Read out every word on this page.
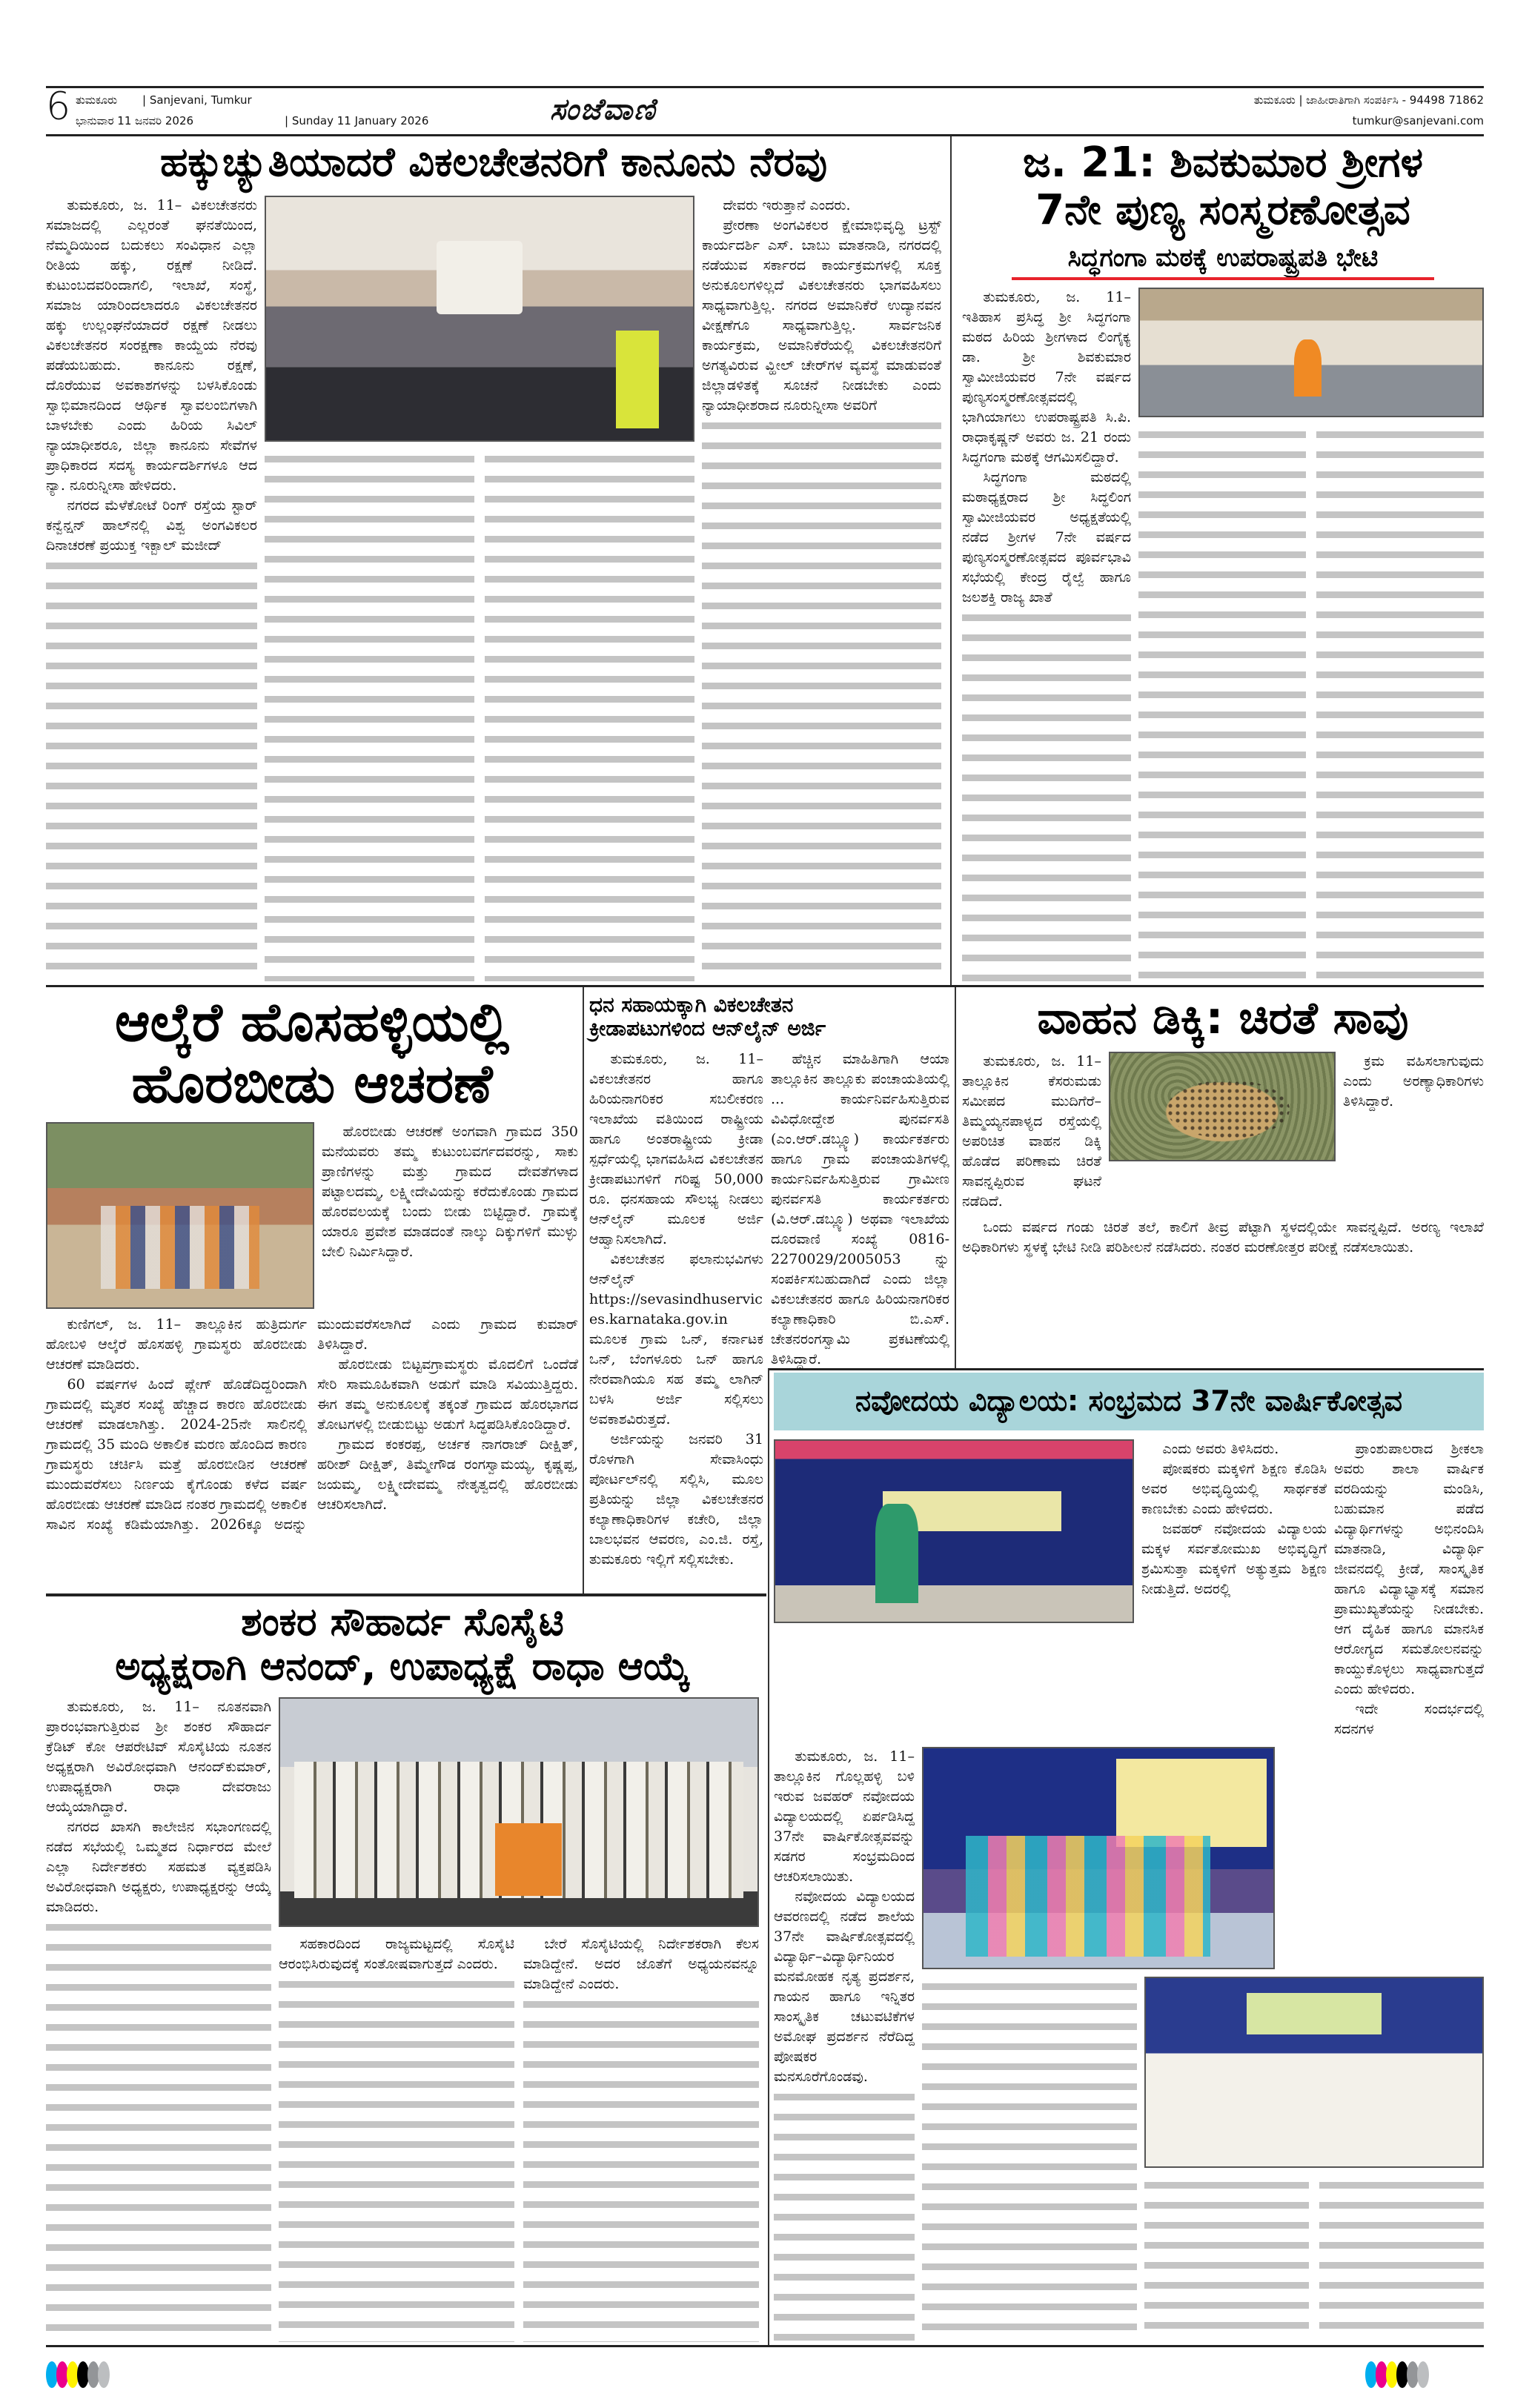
6 ತುಮಕೂರು | Sanjevani, Tumkur
ಭಾನುವಾರ 11 ಜನವರಿ 2026	| Sunday 11 January 2026	ಸಂಜೆವಾಣಿ	ತುಮಕೂರು | ಜಾಹೀರಾತಿಗಾಗಿ ಸಂಪರ್ಕಿಸಿ - 94498 71862
tumkur@sanjevani.com
ಹಕ್ಕುಚ್ಯುತಿಯಾದರೆ ವಿಕಲಚೇತನರಿಗೆ ಕಾನೂನು ನೆರವು

ತುಮಕೂರು, ಜ. 11– ವಿಕಲಚೇತನರು ಸಮಾಜದಲ್ಲಿ ಎಲ್ಲರಂತೆ ಘನತೆಯಿಂದ, ನೆಮ್ಮದಿಯಿಂದ ಬದುಕಲು ಸಂವಿಧಾನ ಎಲ್ಲಾ ರೀತಿಯ ಹಕ್ಕು, ರಕ್ಷಣೆ ನೀಡಿದೆ. ಕುಟುಂಬದವರಿಂದಾಗಲಿ, ಇಲಾಖೆ, ಸಂಸ್ಥೆ, ಸಮಾಜ ಯಾರಿಂದಲಾದರೂ ವಿಕಲಚೇತನರ ಹಕ್ಕು ಉಲ್ಲಂಘನೆಯಾದರೆ ರಕ್ಷಣೆ ನೀಡಲು ವಿಕಲಚೇತನರ ಸಂರಕ್ಷಣಾ ಕಾಯ್ದೆಯ ನೆರವು ಪಡೆಯಬಹುದು. ಕಾನೂನು ರಕ್ಷಣೆ, ದೊರೆಯುವ ಅವಕಾಶಗಳನ್ನು ಬಳಸಿಕೊಂಡು ಸ್ವಾಭಿಮಾನದಿಂದ ಆರ್ಥಿಕ ಸ್ವಾವಲಂಬಿಗಳಾಗಿ ಬಾಳಬೇಕು ಎಂದು ಹಿರಿಯ ಸಿವಿಲ್ ನ್ಯಾಯಾಧೀಶರೂ, ಜಿಲ್ಲಾ ಕಾನೂನು ಸೇವೆಗಳ ಪ್ರಾಧಿಕಾರದ ಸದಸ್ಯ ಕಾರ್ಯದರ್ಶಿಗಳೂ ಆದ ನ್ಯಾ. ನೂರುನ್ನೀಸಾ ಹೇಳಿದರು.

ನಗರದ ಮೆಳೆಕೋಟೆ ರಿಂಗ್ ರಸ್ತೆಯ ಸ್ಟಾರ್ ಕನ್ವೆನ್ಷನ್ ಹಾಲ್‌ನಲ್ಲಿ ವಿಶ್ವ ಅಂಗವಿಕಲರ ದಿನಾಚರಣೆ ಪ್ರಯುಕ್ತ ಇಕ್ಬಾಲ್ ಮಜೀದ್

ದೇವರು ಇರುತ್ತಾನೆ ಎಂದರು.

ಪ್ರೇರಣಾ ಅಂಗವಿಕಲರ ಕ್ಷೇಮಾಭಿವೃದ್ಧಿ ಟ್ರಸ್ಟ್ ಕಾರ್ಯದರ್ಶಿ ಎಸ್. ಬಾಬು ಮಾತನಾಡಿ, ನಗರದಲ್ಲಿ ನಡೆಯುವ ಸರ್ಕಾರದ ಕಾರ್ಯಕ್ರಮಗಳಲ್ಲಿ ಸೂಕ್ತ ಅನುಕೂಲಗಳಿಲ್ಲದೆ ವಿಕಲಚೇತನರು ಭಾಗವಹಿಸಲು ಸಾಧ್ಯವಾಗುತ್ತಿಲ್ಲ. ನಗರದ ಅಮಾನಿಕೆರೆ ಉದ್ಯಾನವನ ವೀಕ್ಷಣೆಗೂ ಸಾಧ್ಯವಾಗುತ್ತಿಲ್ಲ. ಸಾರ್ವಜನಿಕ ಕಾರ್ಯಕ್ರಮ, ಅಮಾನಿಕೆರೆಯಲ್ಲಿ ವಿಕಲಚೇತನರಿಗೆ ಅಗತ್ಯವಿರುವ ವ್ಹೀಲ್ ಚೇರ್‌ಗಳ ವ್ಯವಸ್ಥೆ ಮಾಡುವಂತೆ ಜಿಲ್ಲಾಡಳಿತಕ್ಕೆ ಸೂಚನೆ ನೀಡಬೇಕು ಎಂದು ನ್ಯಾಯಾಧೀಶರಾದ ನೂರುನ್ನೀಸಾ ಅವರಿಗೆ

ಜ. 21: ಶಿವಕುಮಾರ ಶ್ರೀಗಳ
7ನೇ ಪುಣ್ಯ ಸಂಸ್ಮರಣೋತ್ಸವ
ಸಿದ್ಧಗಂಗಾ ಮಠಕ್ಕೆ ಉಪರಾಷ್ಟ್ರಪತಿ ಭೇಟಿ

ತುಮಕೂರು, ಜ. 11– ಇತಿಹಾಸ ಪ್ರಸಿದ್ಧ ಶ್ರೀ ಸಿದ್ಧಗಂಗಾ ಮಠದ ಹಿರಿಯ ಶ್ರೀಗಳಾದ ಲಿಂಗೈಕ್ಯ ಡಾ. ಶ್ರೀ ಶಿವಕುಮಾರ ಸ್ವಾಮೀಜಿಯವರ 7ನೇ ವರ್ಷದ ಪುಣ್ಯಸಂಸ್ಮರಣೋತ್ಸವದಲ್ಲಿ ಭಾಗಿಯಾಗಲು ಉಪರಾಷ್ಟ್ರಪತಿ ಸಿ.ಪಿ. ರಾಧಾಕೃಷ್ಣನ್ ಅವರು ಜ. 21 ರಂದು ಸಿದ್ಧಗಂಗಾ ಮಠಕ್ಕೆ ಆಗಮಿಸಲಿದ್ದಾರೆ.

ಸಿದ್ಧಗಂಗಾ ಮಠದಲ್ಲಿ ಮಠಾಧ್ಯಕ್ಷರಾದ ಶ್ರೀ ಸಿದ್ಧಲಿಂಗ ಸ್ವಾಮೀಜಿಯವರ ಅಧ್ಯಕ್ಷತೆಯಲ್ಲಿ ನಡೆದ ಶ್ರೀಗಳ 7ನೇ ವರ್ಷದ ಪುಣ್ಯಸಂಸ್ಮರಣೋತ್ಸವದ ಪೂರ್ವಭಾವಿ ಸಭೆಯಲ್ಲಿ ಕೇಂದ್ರ ರೈಲ್ವೆ ಹಾಗೂ ಜಲಶಕ್ತಿ ರಾಜ್ಯ ಖಾತೆ

ಆಲ್ಕೆರೆ ಹೊಸಹಳ್ಳಿಯಲ್ಲಿ
ಹೊರಬೀಡು ಆಚರಣೆ

ಹೊರಬೀಡು ಆಚರಣೆ ಅಂಗವಾಗಿ ಗ್ರಾಮದ 350 ಮನೆಯವರು ತಮ್ಮ ಕುಟುಂಬವರ್ಗದವರನ್ನು, ಸಾಕು ಪ್ರಾಣಿಗಳನ್ನು ಮತ್ತು ಗ್ರಾಮದ ದೇವತೆಗಳಾದ ಪಟ್ಟಾಲದಮ್ಮ, ಲಕ್ಷ್ಮೀದೇವಿಯನ್ನು ಕರೆದುಕೊಂಡು ಗ್ರಾಮದ ಹೊರವಲಯಕ್ಕೆ ಬಂದು ಬೀಡು ಬಿಟ್ಟಿದ್ದಾರೆ. ಗ್ರಾಮಕ್ಕೆ ಯಾರೂ ಪ್ರವೇಶ ಮಾಡದಂತೆ ನಾಲ್ಕು ದಿಕ್ಕುಗಳಿಗೆ ಮುಳ್ಳು ಬೇಲಿ ನಿರ್ಮಿಸಿದ್ದಾರೆ.

ಕುಣಿಗಲ್, ಜ. 11– ತಾಲ್ಲೂಕಿನ ಹುತ್ರಿದುರ್ಗ ಹೋಬಳಿ ಆಲ್ಕೆರೆ ಹೊಸಹಳ್ಳಿ ಗ್ರಾಮಸ್ಥರು ಹೊರಬೀಡು ಆಚರಣೆ ಮಾಡಿದರು.

60 ವರ್ಷಗಳ ಹಿಂದೆ ಪ್ಲೇಗ್ ಹೊಡೆದಿದ್ದರಿಂದಾಗಿ ಗ್ರಾಮದಲ್ಲಿ ಮೃತರ ಸಂಖ್ಯೆ ಹೆಚ್ಚಾದ ಕಾರಣ ಹೊರಬೀಡು ಆಚರಣೆ ಮಾಡಲಾಗಿತ್ತು. 2024-25ನೇ ಸಾಲಿನಲ್ಲಿ ಗ್ರಾಮದಲ್ಲಿ 35 ಮಂದಿ ಅಕಾಲಿಕ ಮರಣ ಹೊಂದಿದ ಕಾರಣ ಗ್ರಾಮಸ್ಥರು ಚರ್ಚಿಸಿ ಮತ್ತೆ ಹೊರಬೀಡಿನ ಆಚರಣೆ ಮುಂದುವರೆಸಲು ನಿರ್ಣಯ ಕೈಗೊಂಡು ಕಳೆದ ವರ್ಷ ಹೊರಬೀಡು ಆಚರಣೆ ಮಾಡಿದ ನಂತರ ಗ್ರಾಮದಲ್ಲಿ ಅಕಾಲಿಕ ಸಾವಿನ ಸಂಖ್ಯೆ ಕಡಿಮೆಯಾಗಿತ್ತು. 2026ಕ್ಕೂ ಅದನ್ನು ಮುಂದುವರೆಸಲಾಗಿದೆ ಎಂದು ಗ್ರಾಮದ ಕುಮಾರ್ ತಿಳಿಸಿದ್ದಾರೆ.

ಹೊರಬೀಡು ಬಿಟ್ಟವಗ್ರಾಮಸ್ಥರು ಮೊದಲಿಗೆ ಒಂದೆಡೆ ಸೇರಿ ಸಾಮೂಹಿಕವಾಗಿ ಅಡುಗೆ ಮಾಡಿ ಸವಿಯುತ್ತಿದ್ದರು. ಈಗ ತಮ್ಮ ಅನುಕೂಲಕ್ಕೆ ತಕ್ಕಂತೆ ಗ್ರಾಮದ ಹೊರಭಾಗದ ತೋಟಗಳಲ್ಲಿ ಬೀಡುಬಿಟ್ಟು ಅಡುಗೆ ಸಿದ್ಧಪಡಿಸಿಕೊಂಡಿದ್ದಾರೆ.

ಗ್ರಾಮದ ಕಂಕರಪ್ಪ, ಅರ್ಚಕ ನಾಗರಾಜ್ ದೀಕ್ಷಿತ್, ಹರೀಶ್ ದೀಕ್ಷಿತ್, ತಿಮ್ಮೇಗೌಡ ರಂಗಸ್ವಾಮಯ್ಯ, ಕೃಷ್ಣಪ್ಪ, ಜಯಮ್ಮ, ಲಕ್ಷ್ಮೀದೇವಮ್ಮ ನೇತೃತ್ವದಲ್ಲಿ ಹೊರಬೀಡು ಆಚರಿಸಲಾಗಿದೆ.

ಧನ ಸಹಾಯಕ್ಕಾಗಿ ವಿಕಲಚೇತನ
ಕ್ರೀಡಾಪಟುಗಳಿಂದ ಆನ್‌ಲೈನ್ ಅರ್ಜಿ

ತುಮಕೂರು, ಜ. 11– ವಿಕಲಚೇತನರ ಹಾಗೂ ಹಿರಿಯನಾಗರಿಕರ ಸಬಲೀಕರಣ ಇಲಾಖೆಯ ವತಿಯಿಂದ ರಾಷ್ಟ್ರೀಯ ಹಾಗೂ ಅಂತರಾಷ್ಟ್ರೀಯ ಕ್ರೀಡಾ ಸ್ಪರ್ಧೆಯಲ್ಲಿ ಭಾಗವಹಿಸಿದ ವಿಕಲಚೇತನ ಕ್ರೀಡಾಪಟುಗಳಿಗೆ ಗರಿಷ್ಟ 50,000 ರೂ. ಧನಸಹಾಯ ಸೌಲಭ್ಯ ನೀಡಲು ಆನ್‌ಲೈನ್ ಮೂಲಕ ಅರ್ಜಿ ಆಹ್ವಾನಿಸಲಾಗಿದೆ.

ವಿಕಲಚೇತನ ಫಲಾನುಭವಿಗಳು ಆನ್‌ಲೈನ್ https://sevasindhuservices.karnataka.gov.in ಮೂಲಕ ಗ್ರಾಮ ಒನ್, ಕರ್ನಾಟಕ ಒನ್, ಬೆಂಗಳೂರು ಒನ್ ಹಾಗೂ ನೇರವಾಗಿಯೂ ಸಹ ತಮ್ಮ ಲಾಗಿನ್ ಬಳಸಿ ಅರ್ಜಿ ಸಲ್ಲಿಸಲು ಅವಕಾಶವಿರುತ್ತದೆ.

ಅರ್ಜಿಯನ್ನು ಜನವರಿ 31 ರೊಳಗಾಗಿ ಸೇವಾಸಿಂಧು ಪೋರ್ಟಲ್‌ನಲ್ಲಿ ಸಲ್ಲಿಸಿ, ಮೂಲ ಪ್ರತಿಯನ್ನು ಜಿಲ್ಲಾ ವಿಕಲಚೇತನರ ಕಲ್ಯಾಣಾಧಿಕಾರಿಗಳ ಕಚೇರಿ, ಜಿಲ್ಲಾ ಬಾಲಭವನ ಆವರಣ, ಎಂ.ಜಿ. ರಸ್ತೆ, ತುಮಕೂರು ಇಲ್ಲಿಗೆ ಸಲ್ಲಿಸಬೇಕು.

ಹೆಚ್ಚಿನ ಮಾಹಿತಿಗಾಗಿ ಆಯಾ ತಾಲ್ಲೂಕಿನ ತಾಲ್ಲೂಕು ಪಂಚಾಯತಿಯಲ್ಲಿ ... ಕಾರ್ಯನಿರ್ವಹಿಸುತ್ತಿರುವ ವಿವಿಧೋದ್ದೇಶ ಪುನರ್ವಸತಿ (ಎಂ.ಆರ್.ಡಬ್ಲ್ಯೂ) ಕಾರ್ಯಕರ್ತರು ಹಾಗೂ ಗ್ರಾಮ ಪಂಚಾಯತಿಗಳಲ್ಲಿ ಕಾರ್ಯನಿರ್ವಹಿಸುತ್ತಿರುವ ಗ್ರಾಮೀಣ ಪುನರ್ವಸತಿ ಕಾರ್ಯಕರ್ತರು (ವಿ.ಆರ್.ಡಬ್ಲ್ಯೂ) ಅಥವಾ ಇಲಾಖೆಯ ದೂರವಾಣಿ ಸಂಖ್ಯೆ 0816-2270029/2005053 ನ್ನು ಸಂಪರ್ಕಿಸಬಹುದಾಗಿದೆ ಎಂದು ಜಿಲ್ಲಾ ವಿಕಲಚೇತನರ ಹಾಗೂ ಹಿರಿಯನಾಗರಿಕರ ಕಲ್ಯಾಣಾಧಿಕಾರಿ ಬಿ.ಎಸ್. ಚೇತನರಂಗಸ್ವಾಮಿ ಪ್ರಕಟಣೆಯಲ್ಲಿ ತಿಳಿಸಿದ್ದಾರೆ.

ವಾಹನ ಡಿಕ್ಕಿ: ಚಿರತೆ ಸಾವು

ತುಮಕೂರು, ಜ. 11– ತಾಲ್ಲೂಕಿನ ಕೆಸರುಮಡು ಸಮೀಪದ ಮುದಿಗೆರೆ–ತಿಮ್ಮಯ್ಯನಪಾಳ್ಯದ ರಸ್ತೆಯಲ್ಲಿ ಅಪರಿಚಿತ ವಾಹನ ಡಿಕ್ಕಿ ಹೊಡೆದ ಪರಿಣಾಮ ಚಿರತೆ ಸಾವನ್ನಪ್ಪಿರುವ ಘಟನೆ ನಡೆದಿದೆ.

ಕ್ರಮ ವಹಿಸಲಾಗುವುದು ಎಂದು ಅರಣ್ಯಾಧಿಕಾರಿಗಳು ತಿಳಿಸಿದ್ದಾರೆ.

ಒಂದು ವರ್ಷದ ಗಂಡು ಚಿರತೆ ತಲೆ, ಕಾಲಿಗೆ ತೀವ್ರ ಪೆಟ್ಟಾಗಿ ಸ್ಥಳದಲ್ಲಿಯೇ ಸಾವನ್ನಪ್ಪಿದೆ. ಅರಣ್ಯ ಇಲಾಖೆ ಅಧಿಕಾರಿಗಳು ಸ್ಥಳಕ್ಕೆ ಭೇಟಿ ನೀಡಿ ಪರಿಶೀಲನೆ ನಡೆಸಿದರು. ನಂತರ ಮರಣೋತ್ತರ ಪರೀಕ್ಷೆ ನಡೆಸಲಾಯಿತು.

ನವೋದಯ ವಿದ್ಯಾಲಯ: ಸಂಭ್ರಮದ 37ನೇ ವಾರ್ಷಿಕೋತ್ಸವ

ಎಂದು ಅವರು ತಿಳಿಸಿದರು.

ಪೋಷಕರು ಮಕ್ಕಳಿಗೆ ಶಿಕ್ಷಣ ಕೊಡಿಸಿ ಅವರ ಅಭಿವೃದ್ಧಿಯಲ್ಲಿ ಸಾರ್ಥಕತೆ ಕಾಣಬೇಕು ಎಂದು ಹೇಳಿದರು.

ಜವಹರ್ ನವೋದಯ ವಿದ್ಯಾಲಯ ಮಕ್ಕಳ ಸರ್ವತೋಮುಖ ಅಭಿವೃದ್ಧಿಗೆ ಶ್ರಮಿಸುತ್ತಾ ಮಕ್ಕಳಿಗೆ ಅತ್ಯುತ್ತಮ ಶಿಕ್ಷಣ ನೀಡುತ್ತಿದೆ. ಅದರಲ್ಲಿ

ಪ್ರಾಂಶುಪಾಲರಾದ ಶ್ರೀಕಲಾ ಅವರು ಶಾಲಾ ವಾರ್ಷಿಕ ವರದಿಯನ್ನು ಮಂಡಿಸಿ, ಬಹುಮಾನ ಪಡೆದ ವಿದ್ಯಾರ್ಥಿಗಳನ್ನು ಅಭಿನಂದಿಸಿ ಮಾತನಾಡಿ, ವಿದ್ಯಾರ್ಥಿ ಜೀವನದಲ್ಲಿ ಕ್ರೀಡೆ, ಸಾಂಸ್ಕೃತಿಕ ಹಾಗೂ ವಿದ್ಯಾಭ್ಯಾಸಕ್ಕೆ ಸಮಾನ ಪ್ರಾಮುಖ್ಯತೆಯನ್ನು ನೀಡಬೇಕು. ಆಗ ದೈಹಿಕ ಹಾಗೂ ಮಾನಸಿಕ ಆರೋಗ್ಯದ ಸಮತೋಲನವನ್ನು ಕಾಯ್ದುಕೊಳ್ಳಲು ಸಾಧ್ಯವಾಗುತ್ತದೆ ಎಂದು ಹೇಳಿದರು.

ಇದೇ ಸಂದರ್ಭದಲ್ಲಿ ಸದನಗಳ

ತುಮಕೂರು, ಜ. 11– ತಾಲ್ಲೂಕಿನ ಗೊಲ್ಲಹಳ್ಳಿ ಬಳಿ ಇರುವ ಜವಹರ್ ನವೋದಯ ವಿದ್ಯಾಲಯದಲ್ಲಿ ಏರ್ಪಡಿಸಿದ್ದ 37ನೇ ವಾರ್ಷಿಕೋತ್ಸವವನ್ನು ಸಡಗರ ಸಂಭ್ರಮದಿಂದ ಆಚರಿಸಲಾಯಿತು.

ನವೋದಯ ವಿದ್ಯಾಲಯದ ಆವರಣದಲ್ಲಿ ನಡೆದ ಶಾಲೆಯ 37ನೇ ವಾರ್ಷಿಕೋತ್ಸವದಲ್ಲಿ ವಿದ್ಯಾರ್ಥಿ–ವಿದ್ಯಾರ್ಥಿನಿಯರ ಮನಮೋಹಕ ನೃತ್ಯ ಪ್ರದರ್ಶನ, ಗಾಯನ ಹಾಗೂ ಇನ್ನಿತರ ಸಾಂಸ್ಕೃತಿಕ ಚಟುವಟಿಕೆಗಳ ಅಮೋಘ ಪ್ರದರ್ಶನ ನೆರೆದಿದ್ದ ಪೋಷಕರ ಮನಸೂರೆಗೊಂಡವು.

ಶಂಕರ ಸೌಹಾರ್ದ ಸೊಸೈಟಿ
ಅಧ್ಯಕ್ಷರಾಗಿ ಆನಂದ್, ಉಪಾಧ್ಯಕ್ಷೆ ರಾಧಾ ಆಯ್ಕೆ

ತುಮಕೂರು, ಜ. 11– ನೂತನವಾಗಿ ಪ್ರಾರಂಭವಾಗುತ್ತಿರುವ ಶ್ರೀ ಶಂಕರ ಸೌಹಾರ್ದ ಕ್ರೆಡಿಟ್ ಕೋ ಆಪರೇಟಿವ್ ಸೊಸೈಟಿಯ ನೂತನ ಅಧ್ಯಕ್ಷರಾಗಿ ಅವಿರೋಧವಾಗಿ ಆನಂದ್‌ಕುಮಾರ್, ಉಪಾಧ್ಯಕ್ಷರಾಗಿ ರಾಧಾ ದೇವರಾಜು ಆಯ್ಕೆಯಾಗಿದ್ದಾರೆ.

ನಗರದ ಖಾಸಗಿ ಕಾಲೇಜಿನ ಸಭಾಂಗಣದಲ್ಲಿ ನಡೆದ ಸಭೆಯಲ್ಲಿ ಒಮ್ಮತದ ನಿರ್ಧಾರದ ಮೇಲೆ ಎಲ್ಲಾ ನಿರ್ದೇಶಕರು ಸಹಮತ ವ್ಯಕ್ತಪಡಿಸಿ ಅವಿರೋಧವಾಗಿ ಅಧ್ಯಕ್ಷರು, ಉಪಾಧ್ಯಕ್ಷರನ್ನು ಆಯ್ಕೆ ಮಾಡಿದರು.

ಸಹಕಾರದಿಂದ ರಾಜ್ಯಮಟ್ಟದಲ್ಲಿ ಸೊಸೈಟಿ ಆರಂಭಿಸಿರುವುದಕ್ಕೆ ಸಂತೋಷವಾಗುತ್ತದೆ ಎಂದರು.

ಬೇರೆ ಸೊಸೈಟಿಯಲ್ಲಿ ನಿರ್ದೇಶಕರಾಗಿ ಕೆಲಸ ಮಾಡಿದ್ದೇನೆ. ಅದರ ಜೊತೆಗೆ ಅಧ್ಯಯನವನ್ನೂ ಮಾಡಿದ್ದೇನೆ ಎಂದರು.
